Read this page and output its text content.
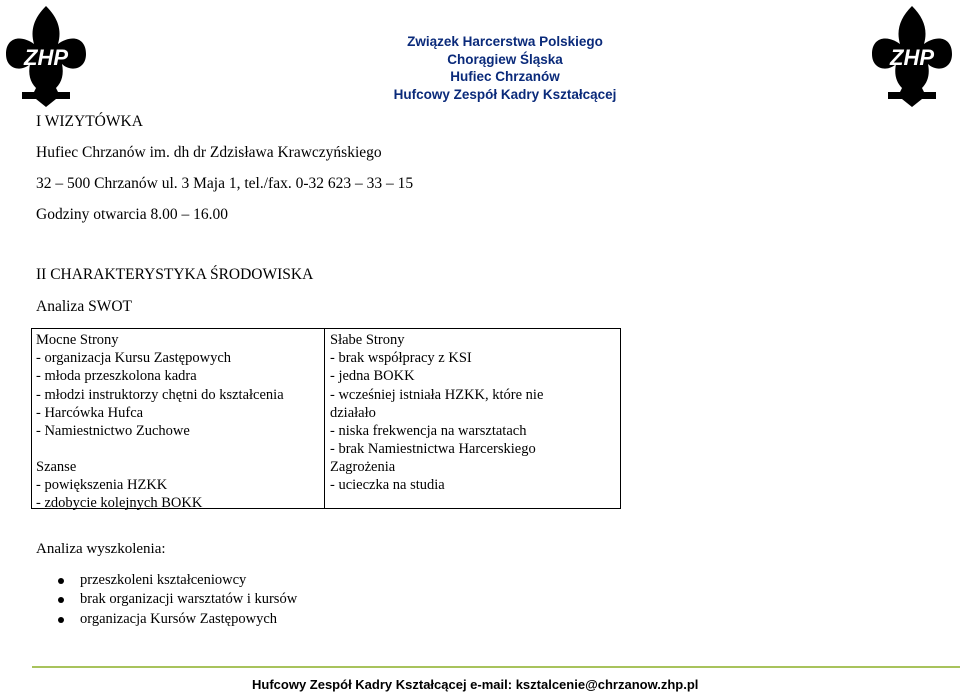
ZHP	ZHP
Związek Harcerstwa Polskiego
Chorągiew Śląska
Hufiec Chrzanów
Hufcowy Zespół Kadry Kształcącej
I WIZYTÓWKA
Hufiec Chrzanów im. dh dr Zdzisława Krawczyńskiego
32 – 500 Chrzanów ul. 3 Maja 1, tel./fax. 0-32 623 – 33 – 15
Godziny otwarcia 8.00 – 16.00
II CHARAKTERYSTYKA ŚRODOWISKA
Analiza SWOT
Mocne Strony
- organizacja Kursu Zastępowych
- młoda przeszkolona kadra
- młodzi instruktorzy chętni do kształcenia
- Harcówka Hufca
- Namiestnictwo Zuchowe
Słabe Strony
- brak współpracy z KSI
- jedna BOKK
- wcześniej istniała HZKK, które nie
działało
- niska frekwencja na warsztatach
- brak Namiestnictwa Harcerskiego
Szanse
- powiększenia HZKK
- zdobycie kolejnych BOKK
Zagrożenia
- ucieczka na studia
Analiza wyszkolenia:
przeszkoleni kształceniowcy
brak organizacji warsztatów i kursów
organizacja Kursów Zastępowych
Hufcowy Zespół Kadry Kształcącej e-mail: ksztalcenie@chrzanow.zhp.pl
